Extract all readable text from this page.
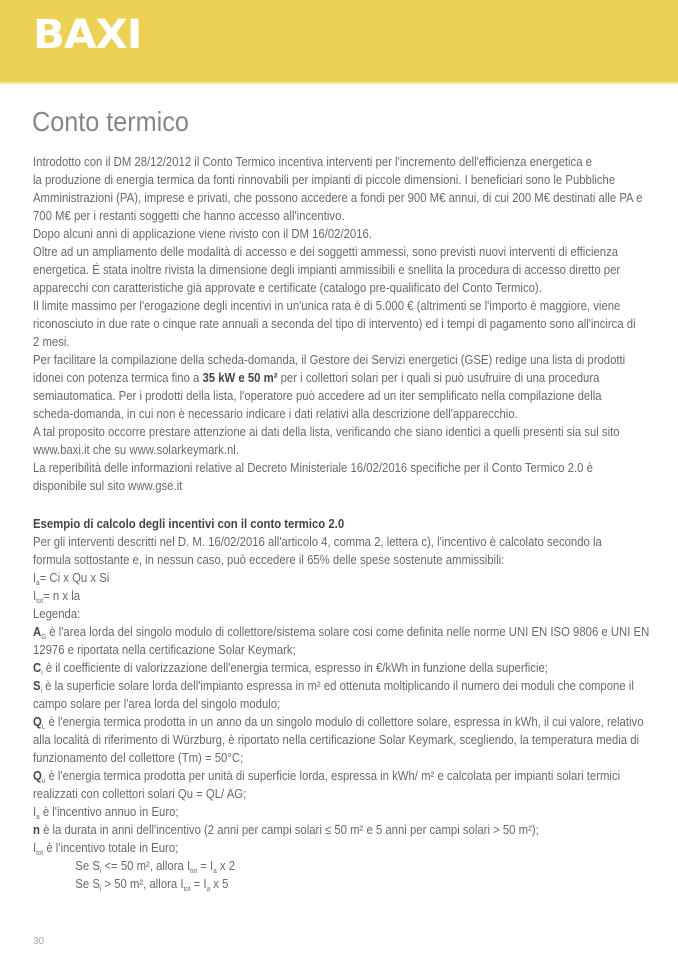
BAXI
Conto termico
Introdotto con il DM 28/12/2012 il Conto Termico incentiva interventi per l'incremento dell'efficienza energetica e
la produzione di energia termica da fonti rinnovabili per impianti di piccole dimensioni. I beneficiari sono le Pubbliche
Amministrazioni (PA), imprese e privati, che possono accedere a fondi per 900 M€ annui, di cui 200 M€ destinati alle PA e
700 M€ per i restanti soggetti che hanno accesso all'incentivo.
Dopo alcuni anni di applicazione viene rivisto con il DM 16/02/2016.
Oltre ad un ampliamento delle modalità di accesso e dei soggetti ammessi, sono previsti nuovi interventi di efficienza
energetica. É stata inoltre rivista la dimensione degli impianti ammissibili e snellita la procedura di accesso diretto per
apparecchi con caratteristiche già approvate e certificate (catalogo pre-qualificato del Conto Termico).
Il limite massimo per l'erogazione degli incentivi in un'unica rata è di 5.000 € (altrimenti se l'importo è maggiore, viene
riconosciuto in due rate o cinque rate annuali a seconda del tipo di intervento) ed i tempi di pagamento sono all'incirca di
2 mesi.
Per facilitare la compilazione della scheda-domanda, il Gestore dei Servizi energetici (GSE) redige una lista di prodotti
idonei con potenza termica fino a 35 kW e 50 m² per i collettori solari per i quali si può usufruire di una procedura
semiautomatica. Per i prodotti della lista, l'operatore può accedere ad un iter semplificato nella compilazione della
scheda-domanda, in cui non è necessario indicare i dati relativi alla descrizione dell'apparecchio.
A tal proposito occorre prestare attenzione ai dati della lista, verificando che siano identici a quelli presenti sia sul sito
www.baxi.it che su www.solarkeymark.nl.
La reperibilità delle informazioni relative al Decreto Ministeriale 16/02/2016 specifiche per il Conto Termico 2.0 è
disponibile sul sito www.gse.it
Esempio di calcolo degli incentivi con il conto termico 2.0
Per gli interventi descritti nel D. M. 16/02/2016 all'articolo 4, comma 2, lettera c), l'incentivo è calcolato secondo la
formula sottostante e, in nessun caso, può eccedere il 65% delle spese sostenute ammissibili:
$I_a= Ci$ x Qu x Si
$I_{tot}= n$ x la
Legenda:
$A_G$ è l'area lorda del singolo modulo di collettore/sistema solare cosi come definita nelle norme UNI EN ISO 9806 e UNI EN
12976 e riportata nella certificazione Solar Keymark;
$C_i$ è il coefficiente di valorizzazione dell'energia termica, espresso in €/kWh in funzione della superficie;
$S_i$ è la superficie solare lorda dell'impianto espressa in m² ed ottenuta moltiplicando il numero dei moduli che compone il
campo solare per l'area lorda del singolo modulo;
$Q_L$ è l'energia termica prodotta in un anno da un singolo modulo di collettore solare, espressa in kWh, il cui valore, relativo
alla località di riferimento di Würzburg, è riportato nella certificazione Solar Keymark, scegliendo, la temperatura media di
funzionamento del collettore (Tm) = 50°C;
$Q_u$ è l'energia termica prodotta per unità di superficie lorda, espressa in kWh/ m² e calcolata per impianti solari termici
realizzati con collettori solari Qu = QL/ AG;
$I_a$ è l'incentivo annuo in Euro;
n è la durata in anni dell'incentivo (2 anni per campi solari ≤ 50 m² e 5 anni per campi solari > 50 m²);
$I_{tot}$ è l'incentivo totale in Euro;
Se $S_i <= 50$ m², allora $I_{tot} = I_a$ x 2
Se $S_i > 50$ m², allora $I_{tot} = I_a$ x 5
30
